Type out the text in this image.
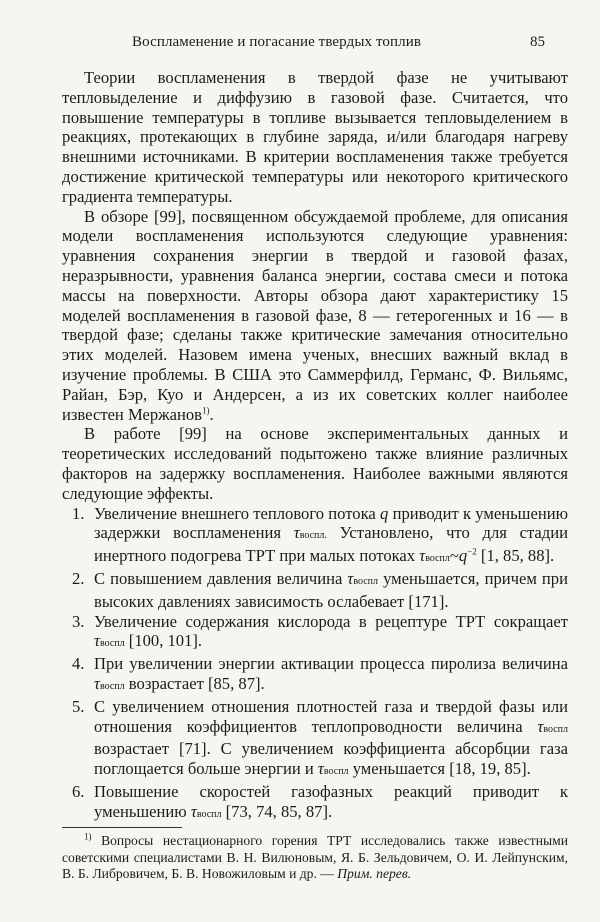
Воспламенение и погасание твердых топлив	85

Теории воспламенения в твердой фазе не учитывают тепловыделение и диффузию в газовой фазе. Считается, что повышение температуры в топливе вызывается тепловыделением в реакциях, протекающих в глубине заряда, и/или благодаря нагреву внешними источниками. В критерии воспламенения также требуется достижение критической температуры или некоторого критического градиента температуры.

В обзоре [99], посвященном обсуждаемой проблеме, для описания модели воспламенения используются следующие уравнения: уравнения сохранения энергии в твердой и газовой фазах, неразрывности, уравнения баланса энергии, состава смеси и потока массы на поверхности. Авторы обзора дают характеристику 15 моделей воспламенения в газовой фазе, 8 — гетерогенных и 16 — в твердой фазе; сделаны также критические замечания относительно этих моделей. Назовем имена ученых, внесших важный вклад в изучение проблемы. В США это Саммерфилд, Германс, Ф. Вильямс, Райан, Бэр, Куо и Андерсен, а из их советских коллег наиболее известен Мержанов$^{1)}$.

В работе [99] на основе экспериментальных данных и теоретических исследований подытожено также влияние различных факторов на задержку воспламенения. Наиболее важными являются следующие эффекты.

1. Увеличение внешнего теплового потока q приводит к уменьшению задержки воспламенения τвоспл. Установлено, что для стадии инертного подогрева ТРТ при малых потоках $\tau воспл\sim q^{-2}$ [1, 85, 88].
2. С повышением давления величина τвоспл уменьшается, причем при высоких давлениях зависимость ослабевает [171].
3. Увеличение содержания кислорода в рецептуре ТРТ сокращает τвоспл [100, 101].
4. При увеличении энергии активации процесса пиролиза величина τвоспл возрастает [85, 87].
5. С увеличением отношения плотностей газа и твердой фазы или отношения коэффициентов теплопроводности величина τвоспл возрастает [71]. С увеличением коэффициента абсорбции газа поглощается больше энергии и τвоспл уменьшается [18, 19, 85].
6. Повышение скоростей газофазных реакций приводит к уменьшению τвоспл [73, 74, 85, 87].

$^{1)}$ Вопросы нестационарного горения ТРТ исследовались также известными советскими специалистами В. Н. Вилюновым, Я. Б. Зельдовичем, О. И. Лейпунским, В. Б. Либровичем, Б. В. Новожиловым и др. — Прим. перев.
